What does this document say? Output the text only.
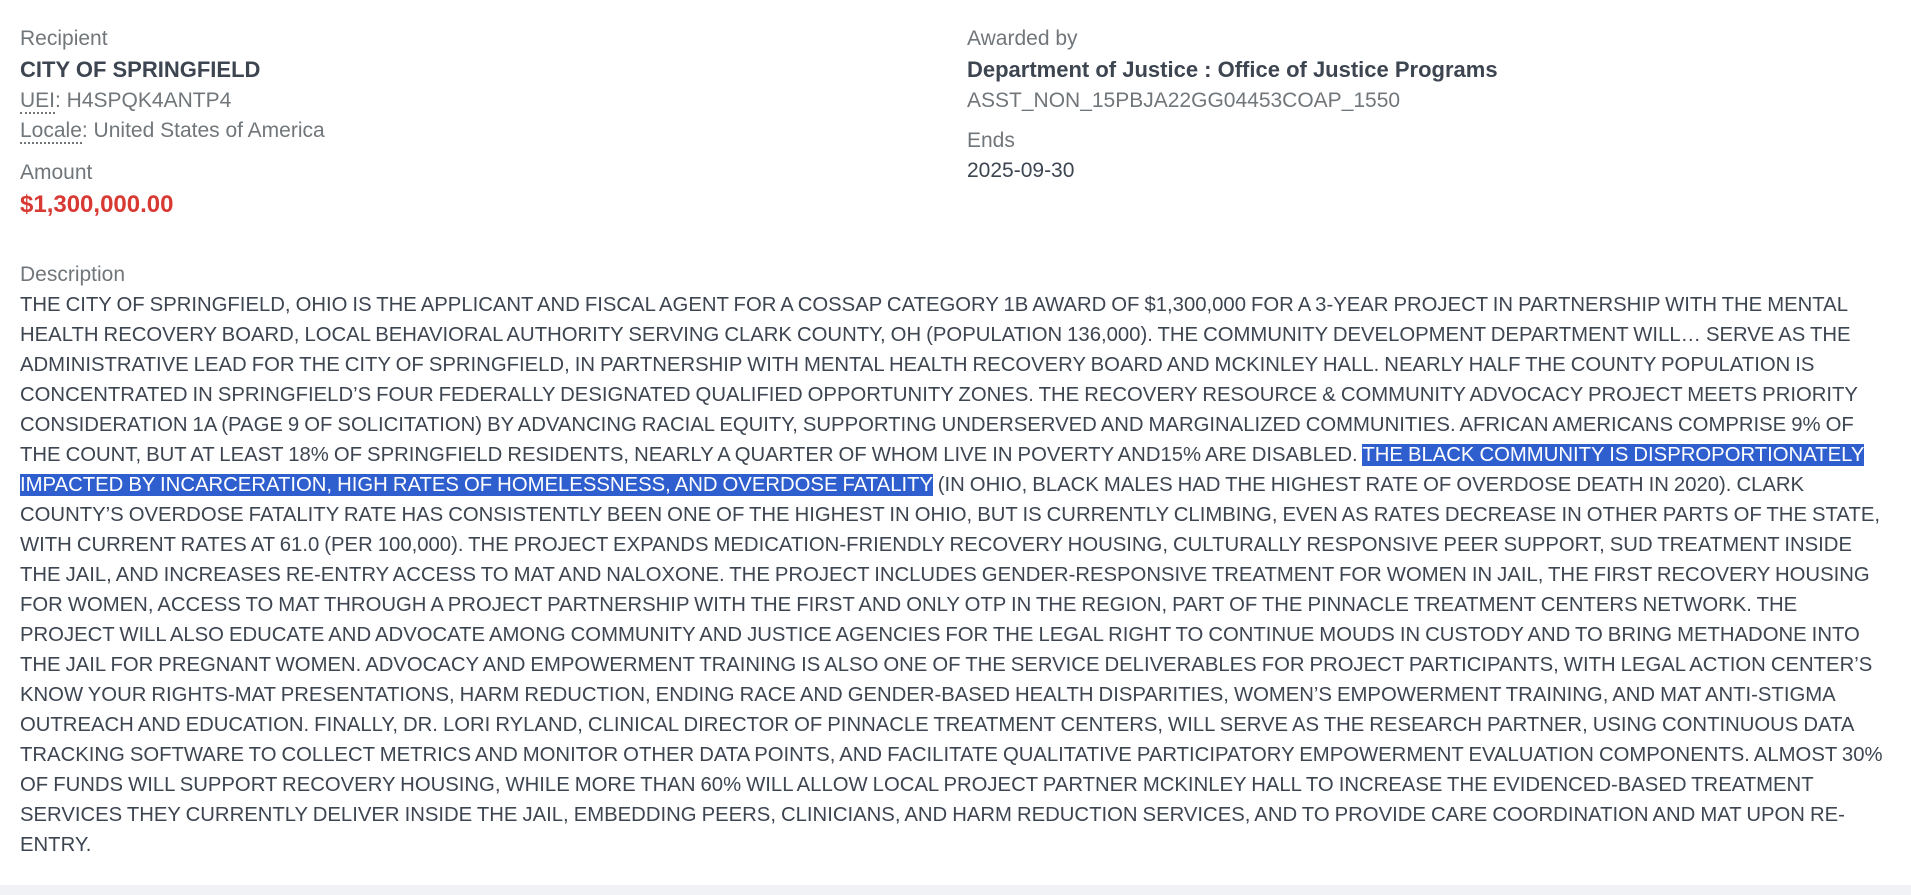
Recipient
CITY OF SPRINGFIELD
UEI: H4SPQK4ANTP4
Locale: United States of America
Amount
$1,300,000.00
Awarded by
Department of Justice : Office of Justice Programs
ASST_NON_15PBJA22GG04453COAP_1550
Ends
2025-09-30
Description

THE CITY OF SPRINGFIELD, OHIO IS THE APPLICANT AND FISCAL AGENT FOR A COSSAP CATEGORY 1B AWARD OF $1,300,000 FOR A 3-YEAR PROJECT IN PARTNERSHIP WITH THE MENTAL HEALTH RECOVERY BOARD, LOCAL BEHAVIORAL AUTHORITY SERVING CLARK COUNTY, OH (POPULATION 136,000). THE COMMUNITY DEVELOPMENT DEPARTMENT WILL… SERVE AS THE ADMINISTRATIVE LEAD FOR THE CITY OF SPRINGFIELD, IN PARTNERSHIP WITH MENTAL HEALTH RECOVERY BOARD AND MCKINLEY HALL. NEARLY HALF THE COUNTY POPULATION IS CONCENTRATED IN SPRINGFIELD’S FOUR FEDERALLY DESIGNATED QUALIFIED OPPORTUNITY ZONES. THE RECOVERY RESOURCE & COMMUNITY ADVOCACY PROJECT MEETS PRIORITY CONSIDERATION 1A (PAGE 9 OF SOLICITATION) BY ADVANCING RACIAL EQUITY, SUPPORTING UNDERSERVED AND MARGINALIZED COMMUNITIES. AFRICAN AMERICANS COMPRISE 9% OF THE COUNT, BUT AT LEAST 18% OF SPRINGFIELD RESIDENTS, NEARLY A QUARTER OF WHOM LIVE IN POVERTY AND15% ARE DISABLED. THE BLACK COMMUNITY IS DISPROPORTIONATELY IMPACTED BY INCARCERATION, HIGH RATES OF HOMELESSNESS, AND OVERDOSE FATALITY (IN OHIO, BLACK MALES HAD THE HIGHEST RATE OF OVERDOSE DEATH IN 2020). CLARK COUNTY’S OVERDOSE FATALITY RATE HAS CONSISTENTLY BEEN ONE OF THE HIGHEST IN OHIO, BUT IS CURRENTLY CLIMBING, EVEN AS RATES DECREASE IN OTHER PARTS OF THE STATE, WITH CURRENT RATES AT 61.0 (PER 100,000). THE PROJECT EXPANDS MEDICATION-FRIENDLY RECOVERY HOUSING, CULTURALLY RESPONSIVE PEER SUPPORT, SUD TREATMENT INSIDE THE JAIL, AND INCREASES RE-ENTRY ACCESS TO MAT AND NALOXONE. THE PROJECT INCLUDES GENDER-RESPONSIVE TREATMENT FOR WOMEN IN JAIL, THE FIRST RECOVERY HOUSING FOR WOMEN, ACCESS TO MAT THROUGH A PROJECT PARTNERSHIP WITH THE FIRST AND ONLY OTP IN THE REGION, PART OF THE PINNACLE TREATMENT CENTERS NETWORK. THE PROJECT WILL ALSO EDUCATE AND ADVOCATE AMONG COMMUNITY AND JUSTICE AGENCIES FOR THE LEGAL RIGHT TO CONTINUE MOUDS IN CUSTODY AND TO BRING METHADONE INTO THE JAIL FOR PREGNANT WOMEN. ADVOCACY AND EMPOWERMENT TRAINING IS ALSO ONE OF THE SERVICE DELIVERABLES FOR PROJECT PARTICIPANTS, WITH LEGAL ACTION CENTER’S KNOW YOUR RIGHTS-MAT PRESENTATIONS, HARM REDUCTION, ENDING RACE AND GENDER-BASED HEALTH DISPARITIES, WOMEN’S EMPOWERMENT TRAINING, AND MAT ANTI-STIGMA OUTREACH AND EDUCATION. FINALLY, DR. LORI RYLAND, CLINICAL DIRECTOR OF PINNACLE TREATMENT CENTERS, WILL SERVE AS THE RESEARCH PARTNER, USING CONTINUOUS DATA TRACKING SOFTWARE TO COLLECT METRICS AND MONITOR OTHER DATA POINTS, AND FACILITATE QUALITATIVE PARTICIPATORY EMPOWERMENT EVALUATION COMPONENTS. ALMOST 30% OF FUNDS WILL SUPPORT RECOVERY HOUSING, WHILE MORE THAN 60% WILL ALLOW LOCAL PROJECT PARTNER MCKINLEY HALL TO INCREASE THE EVIDENCED-BASED TREATMENT SERVICES THEY CURRENTLY DELIVER INSIDE THE JAIL, EMBEDDING PEERS, CLINICIANS, AND HARM REDUCTION SERVICES, AND TO PROVIDE CARE COORDINATION AND MAT UPON RE-ENTRY.
